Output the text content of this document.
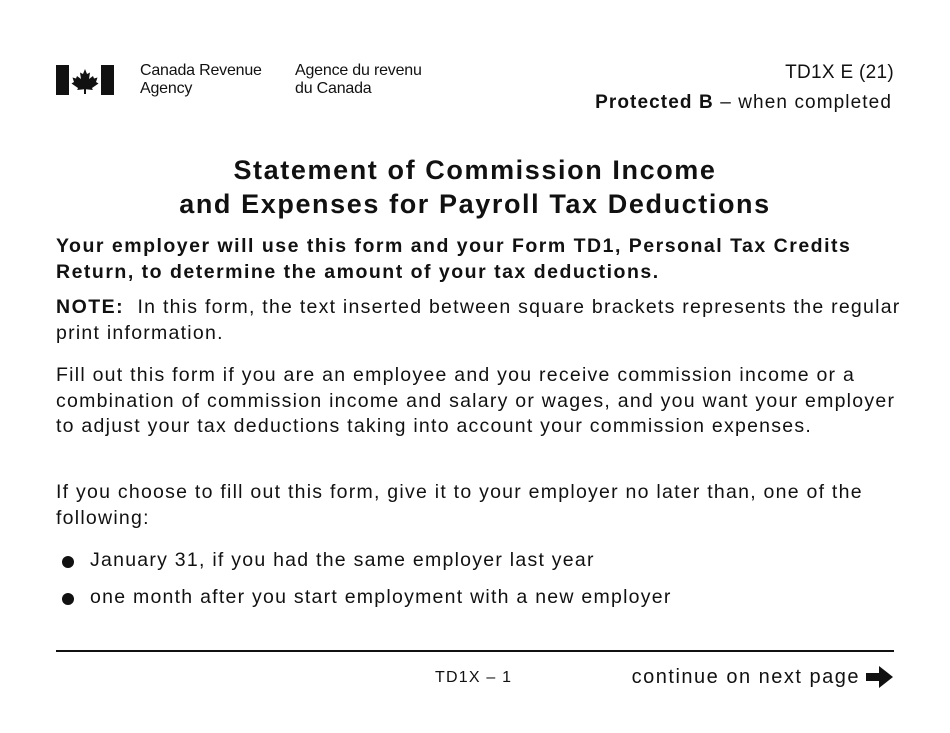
Canada Revenue
Agency
Agence du revenu
du Canada
TD1X E (21)
Protected B – when completed
Statement of Commission Income
and Expenses for Payroll Tax Deductions

Your employer will use this form and your Form TD1, Personal Tax Credits Return, to determine the amount of your tax deductions.

NOTE: In this form, the text inserted between square brackets represents the regular print information.

Fill out this form if you are an employee and you receive commission income or a combination of commission income and salary or wages, and you want your employer to adjust your tax deductions taking into account your commission expenses.

If you choose to fill out this form, give it to your employer no later than, one of the following:

January 31, if you had the same employer last year
one month after you start employment with a new employer
TD1X – 1	continue on next page
